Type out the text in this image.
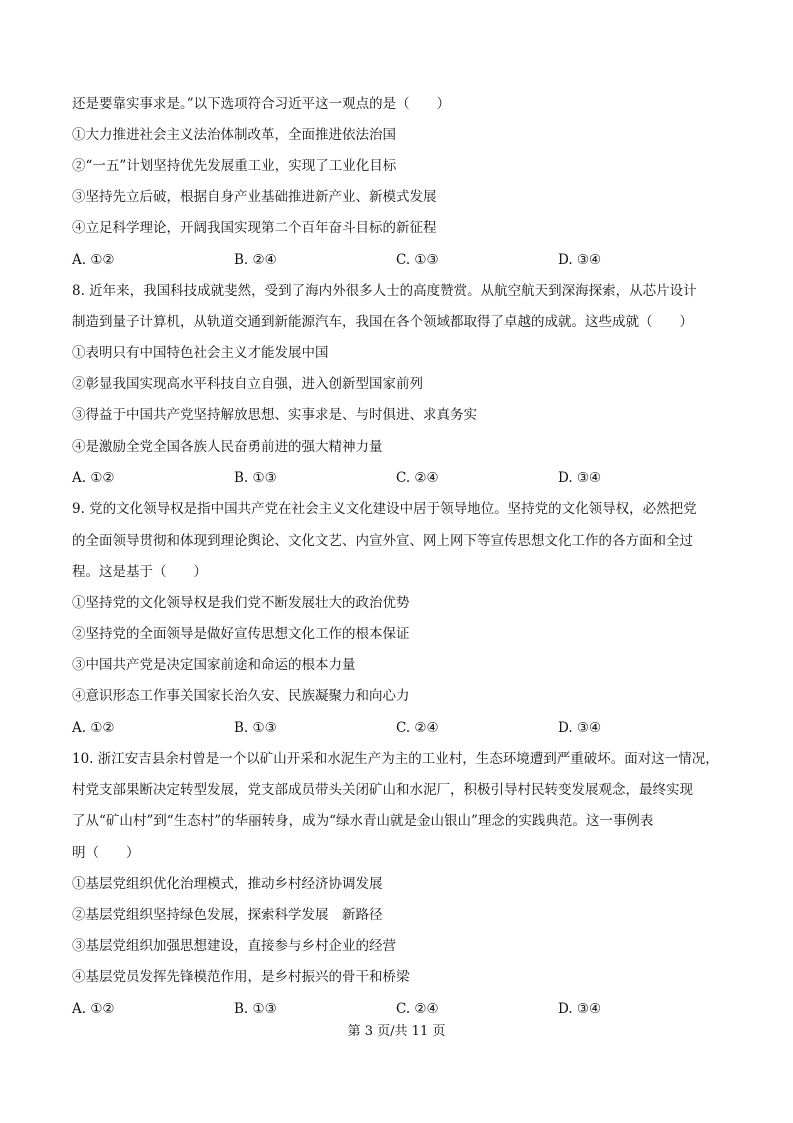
还是要靠实事求是。”以下选项符合习近平这一观点的是（　　）
①大力推进社会主义法治体制改革，全面推进依法治国
②“一五”计划坚持优先发展重工业，实现了工业化目标
③坚持先立后破，根据自身产业基础推进新产业、新模式发展
④立足科学理论，开阔我国实现第二个百年奋斗目标的新征程
A. ①②	B. ②④	C. ①③	D. ③④
8. 近年来，我国科技成就斐然，受到了海内外很多人士的高度赞赏。从航空航天到深海探索，从芯片设计
制造到量子计算机，从轨道交通到新能源汽车，我国在各个领域都取得了卓越的成就。这些成就（　　）
①表明只有中国特色社会主义才能发展中国
②彰显我国实现高水平科技自立自强，进入创新型国家前列
③得益于中国共产党坚持解放思想、实事求是、与时俱进、求真务实
④是激励全党全国各族人民奋勇前进的强大精神力量
A. ①②	B. ①③	C. ②④	D. ③④
9. 党的文化领导权是指中国共产党在社会主义文化建设中居于领导地位。坚持党的文化领导权，必然把党
的全面领导贯彻和体现到理论舆论、文化文艺、内宣外宣、网上网下等宣传思想文化工作的各方面和全过
程。这是基于（　　）
①坚持党的文化领导权是我们党不断发展壮大的政治优势
②坚持党的全面领导是做好宣传思想文化工作的根本保证
③中国共产党是决定国家前途和命运的根本力量
④意识形态工作事关国家长治久安、民族凝聚力和向心力
A. ①②	B. ①③	C. ②④	D. ③④
10. 浙江安吉县余村曾是一个以矿山开采和水泥生产为主的工业村，生态环境遭到严重破坏。面对这一情况，
村党支部果断决定转型发展，党支部成员带头关闭矿山和水泥厂，积极引导村民转变发展观念，最终实现
了从“矿山村”到“生态村”的华丽转身，成为“绿水青山就是金山银山”理念的实践典范。这一事例表
明（　　）
①基层党组织优化治理模式，推动乡村经济协调发展
②基层党组织坚持绿色发展，探索科学发展　新路径
③基层党组织加强思想建设，直接参与乡村企业的经营
④基层党员发挥先锋模范作用，是乡村振兴的骨干和桥梁
A. ①②	B. ①③	C. ②④	D. ③④
第 3 页/共 11 页
